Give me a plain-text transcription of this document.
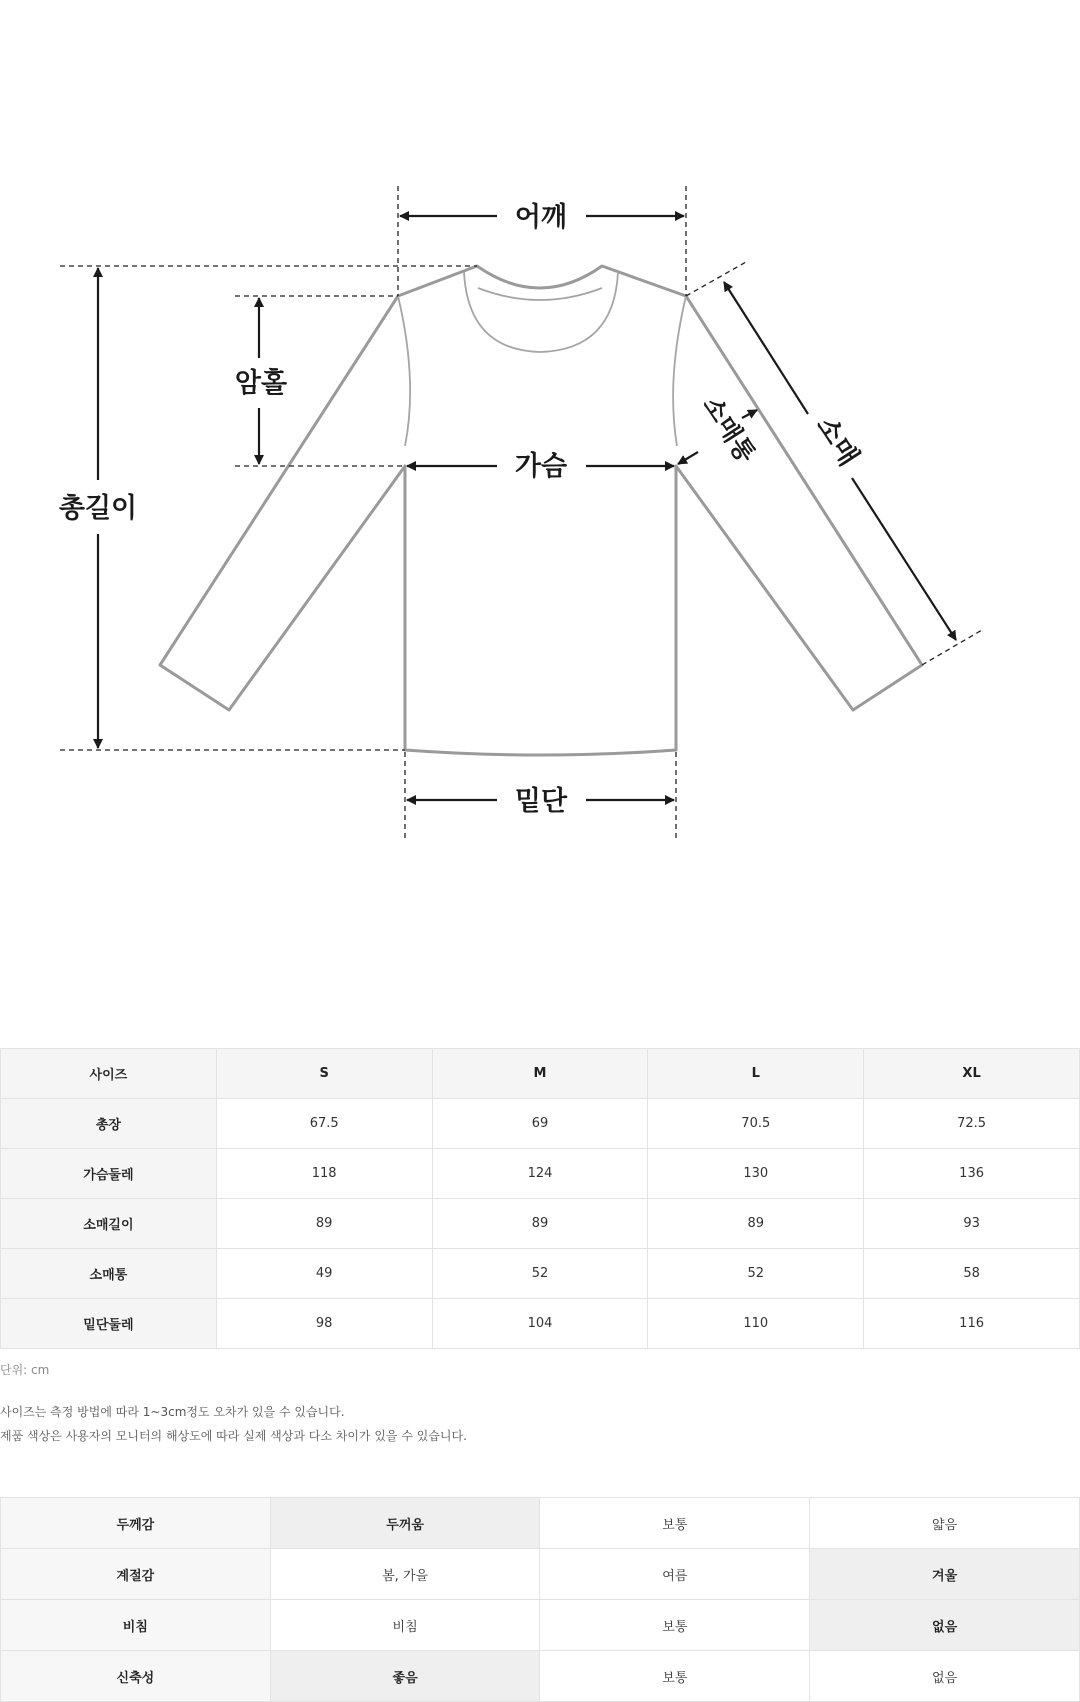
어깨
암홀
가슴
총길이
밑단
소매
소매통
사이즈	S	M	L	XL
총장	67.5	69	70.5	72.5
가슴둘레	118	124	130	136
소매길이	89	89	89	93
소매통	49	52	52	58
밑단둘레	98	104	110	116
단위: cm
사이즈는 측정 방법에 따라 1~3cm정도 오차가 있을 수 있습니다.
제품 색상은 사용자의 모니터의 해상도에 따라 실제 색상과 다소 차이가 있을 수 있습니다.
두께감	두꺼움	보통	얇음
계절감	봄, 가을	여름	겨울
비침	비침	보통	없음
신축성	좋음	보통	없음
